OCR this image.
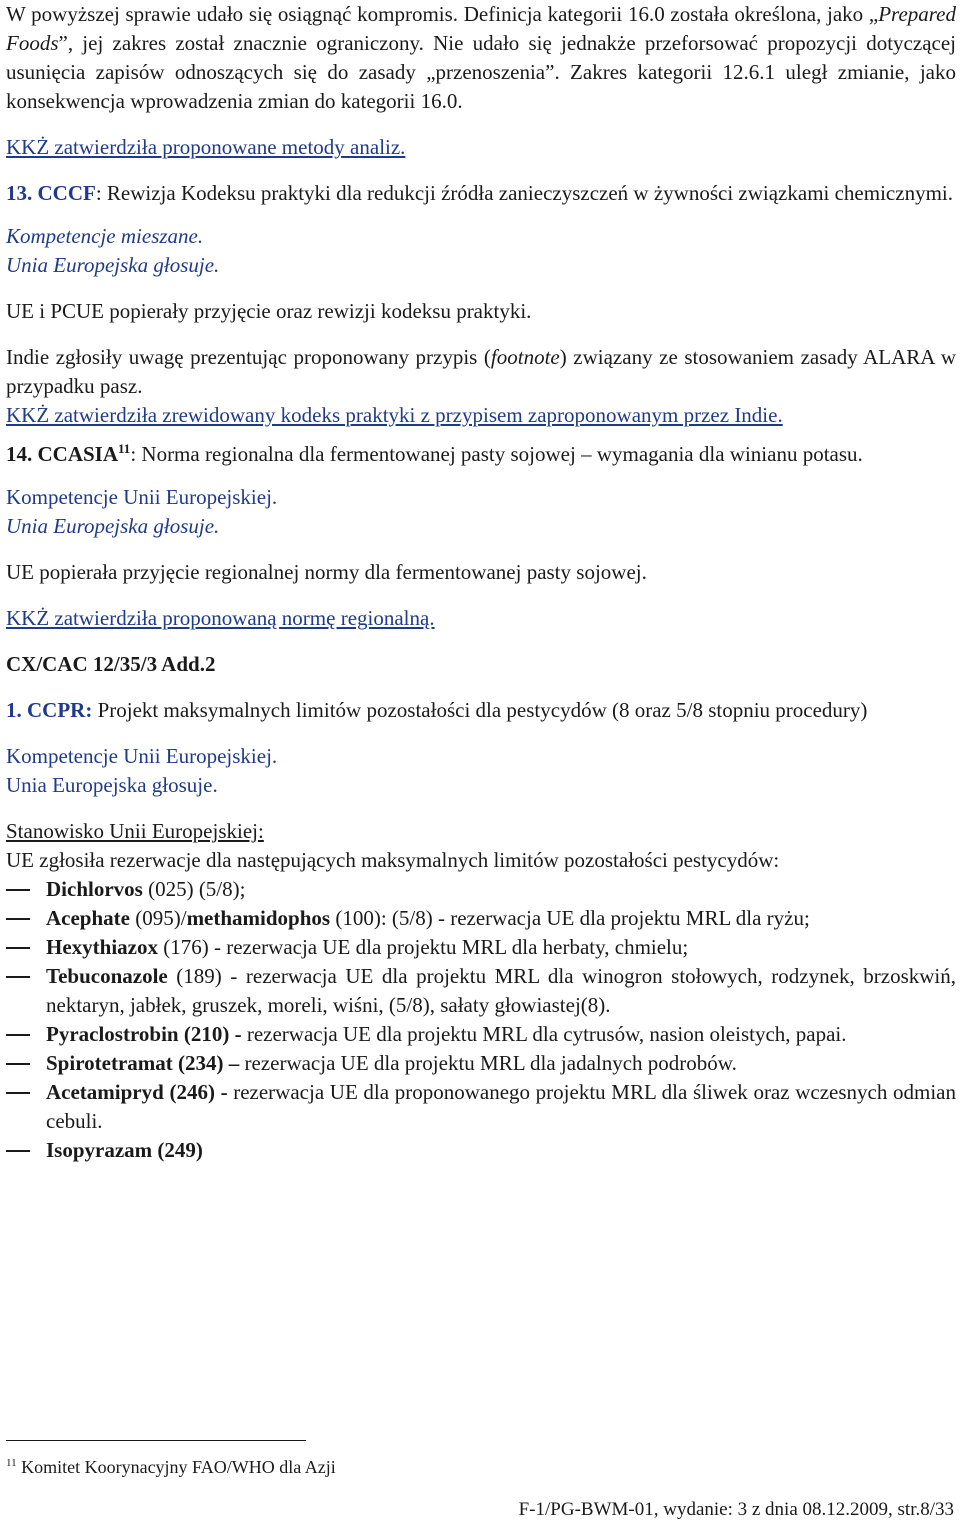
W powyższej sprawie udało się osiągnąć kompromis. Definicja kategorii 16.0 została określona, jako „Prepared Foods”, jej zakres został znacznie ograniczony. Nie udało się jednakże przeforsować propozycji dotyczącej usunięcia zapisów odnoszących się do zasady „przenoszenia”. Zakres kategorii 12.6.1 uległ zmianie, jako konsekwencja wprowadzenia zmian do kategorii 16.0.

KKŻ zatwierdziła proponowane metody analiz.

13. CCCF: Rewizja Kodeksu praktyki dla redukcji źródła zanieczyszczeń w żywności związkami chemicznymi.

Kompetencje mieszane.

Unia Europejska głosuje.

UE i PCUE popierały przyjęcie oraz rewizji kodeksu praktyki.

Indie zgłosiły uwagę prezentując proponowany przypis (footnote) związany ze stosowaniem zasady ALARA w przypadku pasz.

KKŻ zatwierdziła zrewidowany kodeks praktyki z przypisem zaproponowanym przez Indie.

14. CCASIA$^{11}$: Norma regionalna dla fermentowanej pasty sojowej – wymagania dla winianu potasu.

Kompetencje Unii Europejskiej.

Unia Europejska głosuje.

UE popierała przyjęcie regionalnej normy dla fermentowanej pasty sojowej.

KKŻ zatwierdziła proponowaną normę regionalną.

CX/CAC 12/35/3 Add.2

1. CCPR: Projekt maksymalnych limitów pozostałości dla pestycydów (8 oraz 5/8 stopniu procedury)

Kompetencje Unii Europejskiej.

Unia Europejska głosuje.

Stanowisko Unii Europejskiej:

UE zgłosiła rezerwacje dla następujących maksymalnych limitów pozostałości pestycydów:

Dichlorvos (025) (5/8);
Acephate (095)/methamidophos (100): (5/8) - rezerwacja UE dla projektu MRL dla ryżu;
Hexythiazox (176) - rezerwacja UE dla projektu MRL dla herbaty, chmielu;
Tebuconazole (189) - rezerwacja UE dla projektu MRL dla winogron stołowych, rodzynek, brzoskwiń, nektaryn, jabłek, gruszek, moreli, wiśni, (5/8), sałaty głowiastej(8).
Pyraclostrobin (210) - rezerwacja UE dla projektu MRL dla cytrusów, nasion oleistych, papai.
Spirotetramat (234) – rezerwacja UE dla projektu MRL dla jadalnych podrobów.
Acetamipryd (246) - rezerwacja UE dla proponowanego projektu MRL dla śliwek oraz wczesnych odmian cebuli.
Isopyrazam (249)
$^{11}$ Komitet Koorynacyjny FAO/WHO dla Azji
F-1/PG-BWM-01, wydanie: 3 z dnia 08.12.2009, str.8/33
